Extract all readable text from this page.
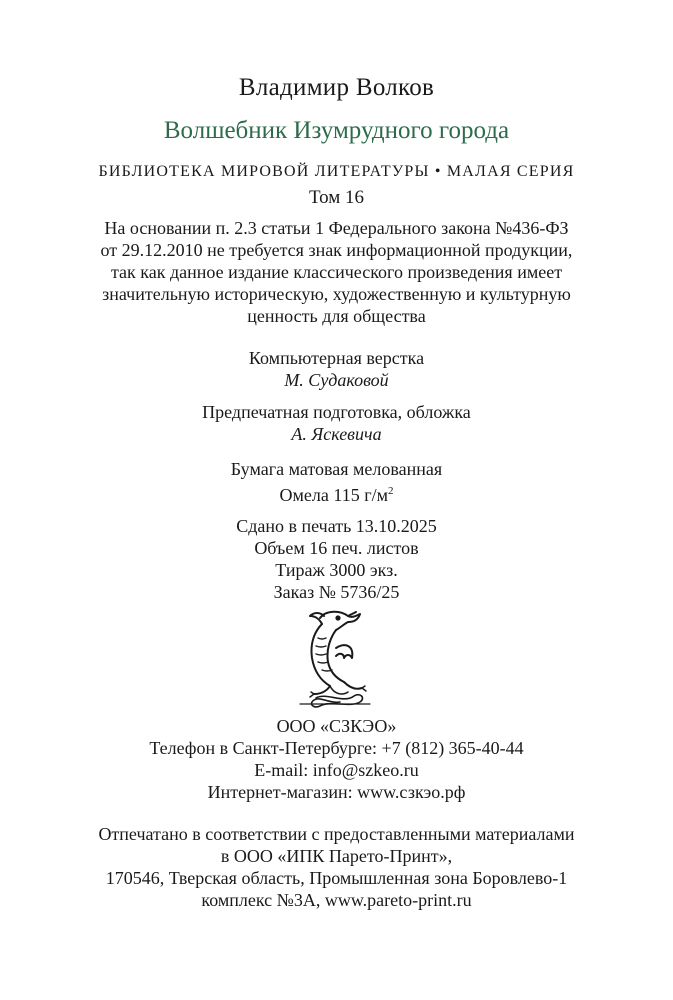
Владимир Волков
Волшебник Изумрудного города
БИБЛИОТЕКА МИРОВОЙ ЛИТЕРАТУРЫ • МАЛАЯ СЕРИЯ
Том 16
На основании п. 2.3 статьи 1 Федерального закона №436-ФЗ
от 29.12.2010 не требуется знак информационной продукции,
так как данное издание классического произведения имеет
значительную историческую, художественную и культурную
ценность для общества
Компьютерная верстка
М. Судаковой
Предпечатная подготовка, обложка
А. Яскевича
Бумага матовая мелованная
Омела 115 $г/м^2$
Сдано в печать 13.10.2025
Объем 16 печ. листов
Тираж 3000 экз.
Заказ № 5736/25
ООО «СЗКЭО»
Телефон в Санкт-Петербурге: +7 (812) 365-40-44
E-mail: info@szkeo.ru
Интернет-магазин: www.сзкэо.рф
Отпечатано в соответствии с предоставленными материалами
в ООО «ИПК Парето-Принт»,
170546, Тверская область, Промышленная зона Боровлево-1
комплекс №3А, www.pareto-print.ru
